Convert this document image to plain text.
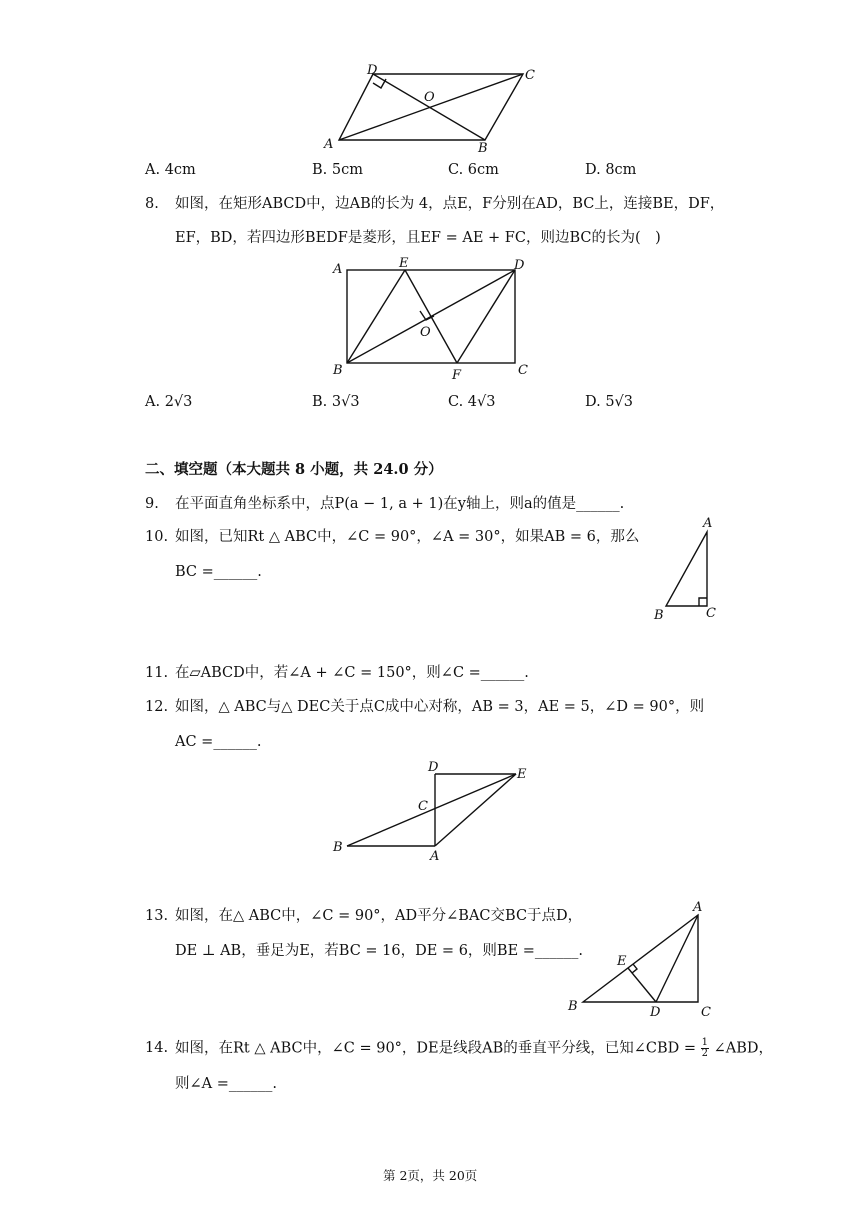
D	C
O
A	B
A. 4cm	B. 5cm	C. 6cm	D. 8cm
8. 如图，在矩形ABCD中，边AB的长为 4，点E，F分别在AD，BC上，连接BE，DF，
EF，BD，若四边形BEDF是菱形，且EF = AE + FC，则边BC的长为(　)
A	E	D
O
B	F	C
A. 2√3	B. 3√3	C. 4√3	D. 5√3
二、填空题（本大题共 8 小题，共 24.0 分）
9. 在平面直角坐标系中，点P(a − 1, a + 1)在y轴上，则a的值是______.
10. 如图，已知Rt △ ABC中，∠C = 90°，∠A = 30°，如果AB = 6，那么
BC =______.
A
B	C
11. 在▱ABCD中，若∠A + ∠C = 150°，则∠C =______.
12. 如图，△ ABC与△ DEC关于点C成中心对称，AB = 3，AE = 5，∠D = 90°，则
AC =______.
D	E
C
B
A
13. 如图，在△ ABC中，∠C = 90°，AD平分∠BAC交BC于点D，
DE ⊥ AB，垂足为E，若BC = 16，DE = 6，则BE =______.
A
E
B	D	C
14. 如图，在Rt △ ABC中，∠C = 90°，DE是线段AB的垂直平分线，已知∠CBD = $\frac{1}{2}$ ∠ABD，
则∠A =______.
第 2页，共 20页
